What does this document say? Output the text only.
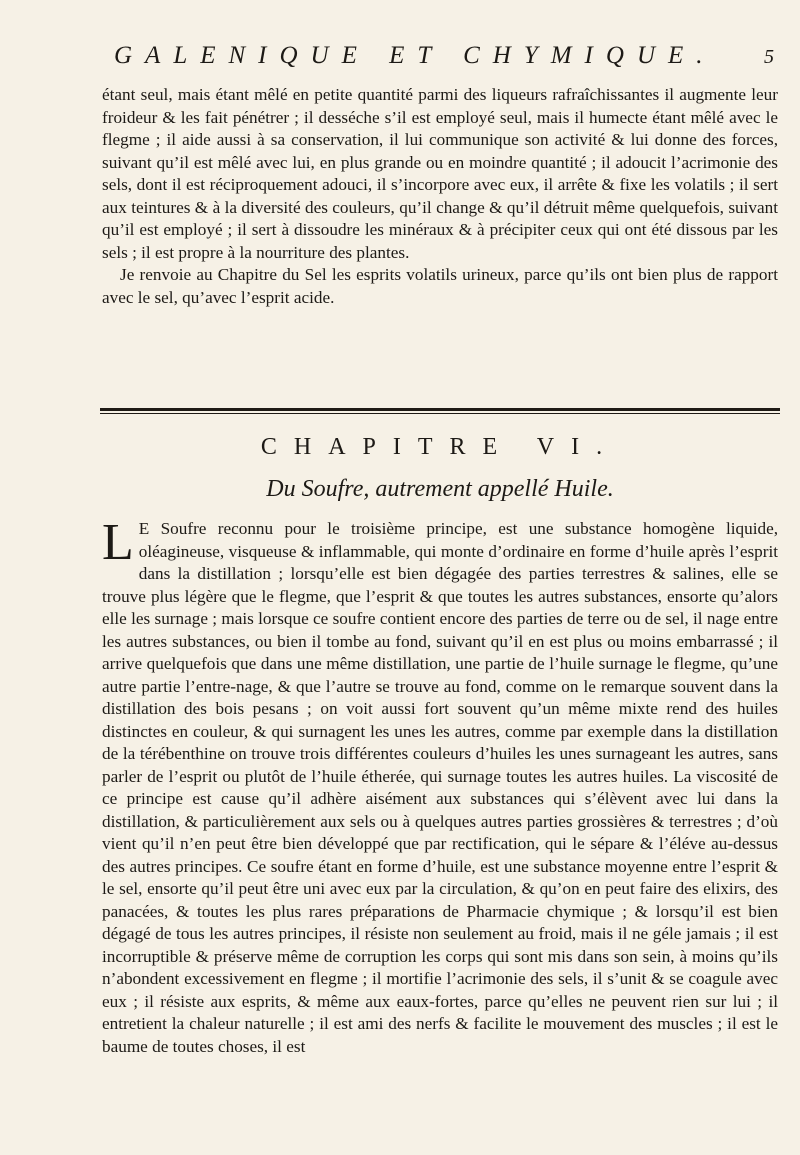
GALENIQUE ET CHYMIQUE. 5

étant seul, mais étant mêlé en petite quantité parmi des liqueurs rafraîchissantes il augmente leur froideur & les fait pénétrer ; il desséche s’il est employé seul, mais il humecte étant mêlé avec le flegme ; il aide aussi à sa conservation, il lui communique son activité & lui donne des forces, suivant qu’il est mêlé avec lui, en plus grande ou en moindre quantité ; il adoucit l’acrimonie des sels, dont il est réciproquement adouci, il s’incorpore avec eux, il arrête & fixe les volatils ; il sert aux teintures & à la diversité des couleurs, qu’il change & qu’il détruit même quelquefois, suivant qu’il est employé ; il sert à dissoudre les minéraux & à précipiter ceux qui ont été dissous par les sels ; il est propre à la nourriture des plantes.

Je renvoie au Chapitre du Sel les esprits volatils urineux, parce qu’ils ont bien plus de rapport avec le sel, qu’avec l’esprit acide.

CHAPITRE VI.
Du Soufre, autrement appellé Huile.

L E Soufre reconnu pour le troisième principe, est une substance homogène liquide, oléagineuse, visqueuse & inflammable, qui monte d’ordinaire en forme d’huile après l’esprit dans la distillation ; lorsqu’elle est bien dégagée des parties terrestres & salines, elle se trouve plus légère que le flegme, que l’esprit & que toutes les autres substances, ensorte qu’alors elle les surnage ; mais lorsque ce soufre contient encore des parties de terre ou de sel, il nage entre les autres substances, ou bien il tombe au fond, suivant qu’il en est plus ou moins embarrassé ; il arrive quelquefois que dans une même distillation, une partie de l’huile surnage le flegme, qu’une autre partie l’entre-nage, & que l’autre se trouve au fond, comme on le remarque souvent dans la distillation des bois pesans ; on voit aussi fort souvent qu’un même mixte rend des huiles distinctes en couleur, & qui surnagent les unes les autres, comme par exemple dans la distillation de la térébenthine on trouve trois différentes couleurs d’huiles les unes surnageant les autres, sans parler de l’esprit ou plutôt de l’huile étherée, qui surnage toutes les autres huiles. La viscosité de ce principe est cause qu’il adhère aisément aux substances qui s’élèvent avec lui dans la distillation, & particulièrement aux sels ou à quelques autres parties grossières & terrestres ; d’où vient qu’il n’en peut être bien développé que par rectification, qui le sépare & l’éléve au-dessus des autres principes. Ce soufre étant en forme d’huile, est une substance moyenne entre l’esprit & le sel, ensorte qu’il peut être uni avec eux par la circulation, & qu’on en peut faire des elixirs, des panacées, & toutes les plus rares préparations de Pharmacie chymique ; & lorsqu’il est bien dégagé de tous les autres principes, il résiste non seulement au froid, mais il ne géle jamais ; il est incorruptible & préserve même de corruption les corps qui sont mis dans son sein, à moins qu’ils n’abondent excessivement en flegme ; il mortifie l’acrimonie des sels, il s’unit & se coagule avec eux ; il résiste aux esprits, & même aux eaux-fortes, parce qu’elles ne peuvent rien sur lui ; il entretient la chaleur naturelle ; il est ami des nerfs & facilite le mouvement des muscles ; il est le baume de toutes choses, il est
